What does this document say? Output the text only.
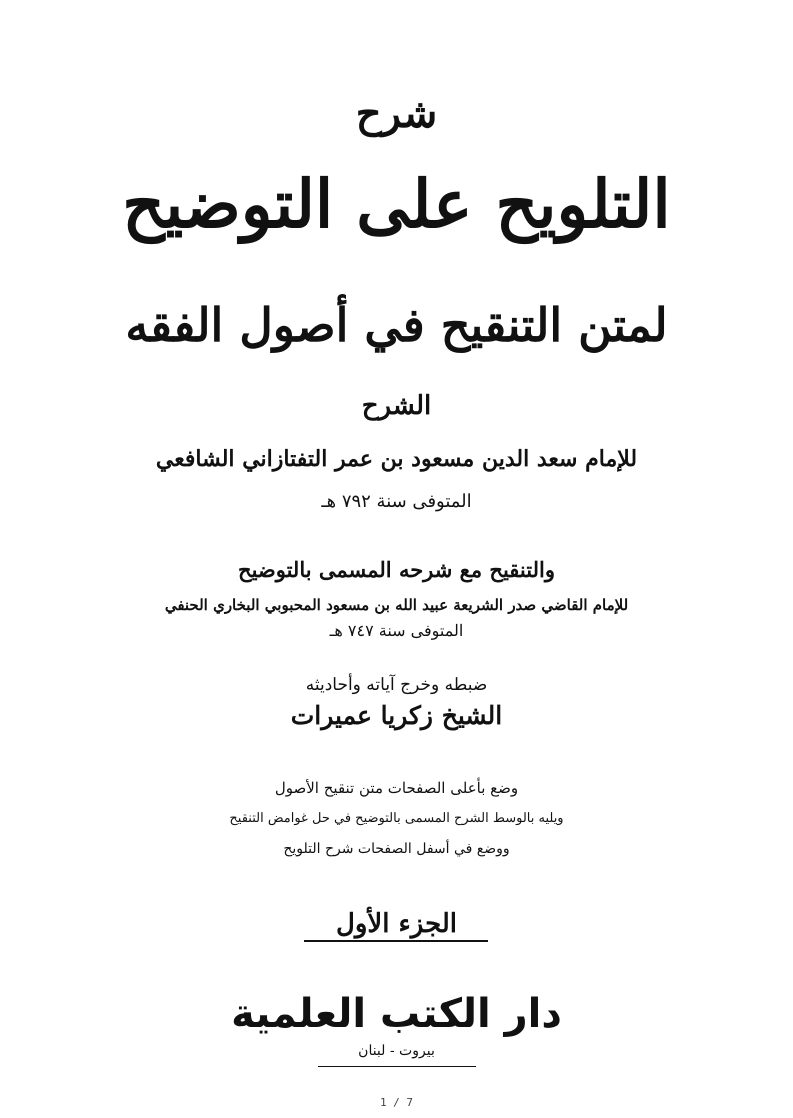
شرح
التلويح على التوضيح
لمتن التنقيح في أصول الفقه
الشرح
للإمام سعد الدين مسعود بن عمر التفتازاني الشافعي
المتوفى سنة ٧٩٢ هـ
والتنقيح مع شرحه المسمى بالتوضيح
للإمام القاضي صدر الشريعة عبيد الله بن مسعود المحبوبي البخاري الحنفي
المتوفى سنة ٧٤٧ هـ
ضبطه وخرج آياته وأحاديثه
الشيخ زكريا عميرات
وضع بأعلى الصفحات متن تنقيح الأصول
ويليه بالوسط الشرح المسمى بالتوضيح في حل غوامض التنقيح
ووضع في أسفل الصفحات شرح التلويح
الجزء الأول
دار الكتب العلمية
بيروت - لبنان
1 / 7
